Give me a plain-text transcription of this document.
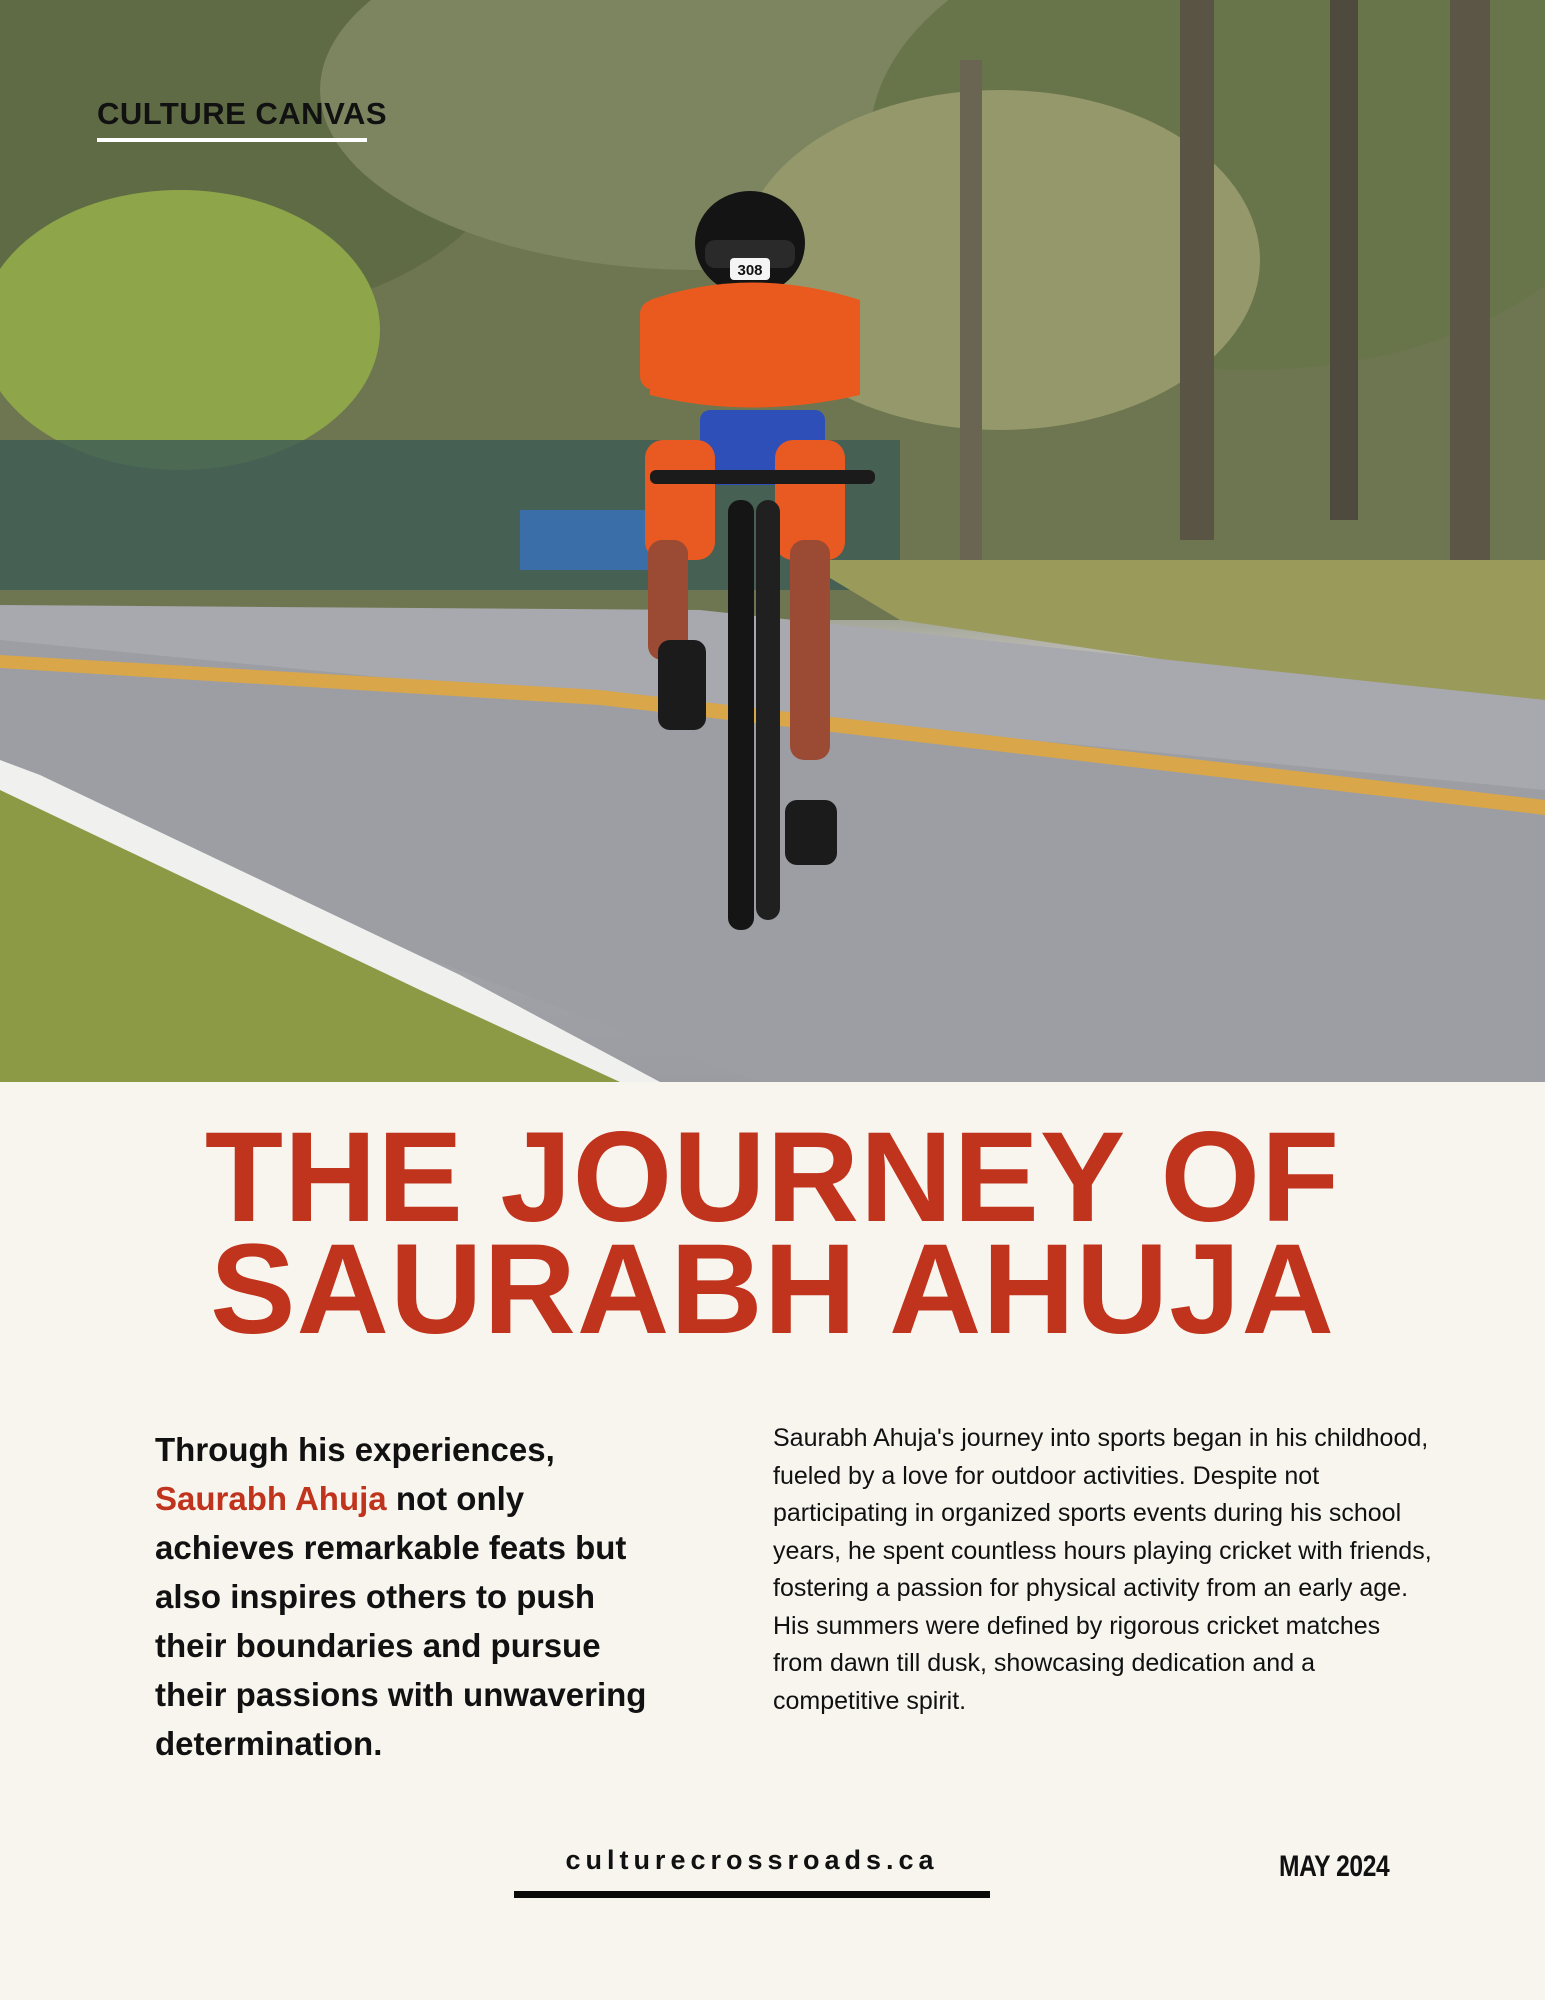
308

CULTURE CANVAS

THE JOURNEY OF
SAURABH AHUJA

Through his experiences, Saurabh Ahuja not only achieves remarkable feats but also inspires others to push their boundaries and pursue their passions with unwavering determination.

Saurabh Ahuja's journey into sports began in his childhood, fueled by a love for outdoor activities. Despite not participating in organized sports events during his school years, he spent countless hours playing cricket with friends, fostering a passion for physical activity from an early age. His summers were defined by rigorous cricket matches from dawn till dusk, showcasing dedication and a competitive spirit.

culturecrossroads.ca	MAY 2024
